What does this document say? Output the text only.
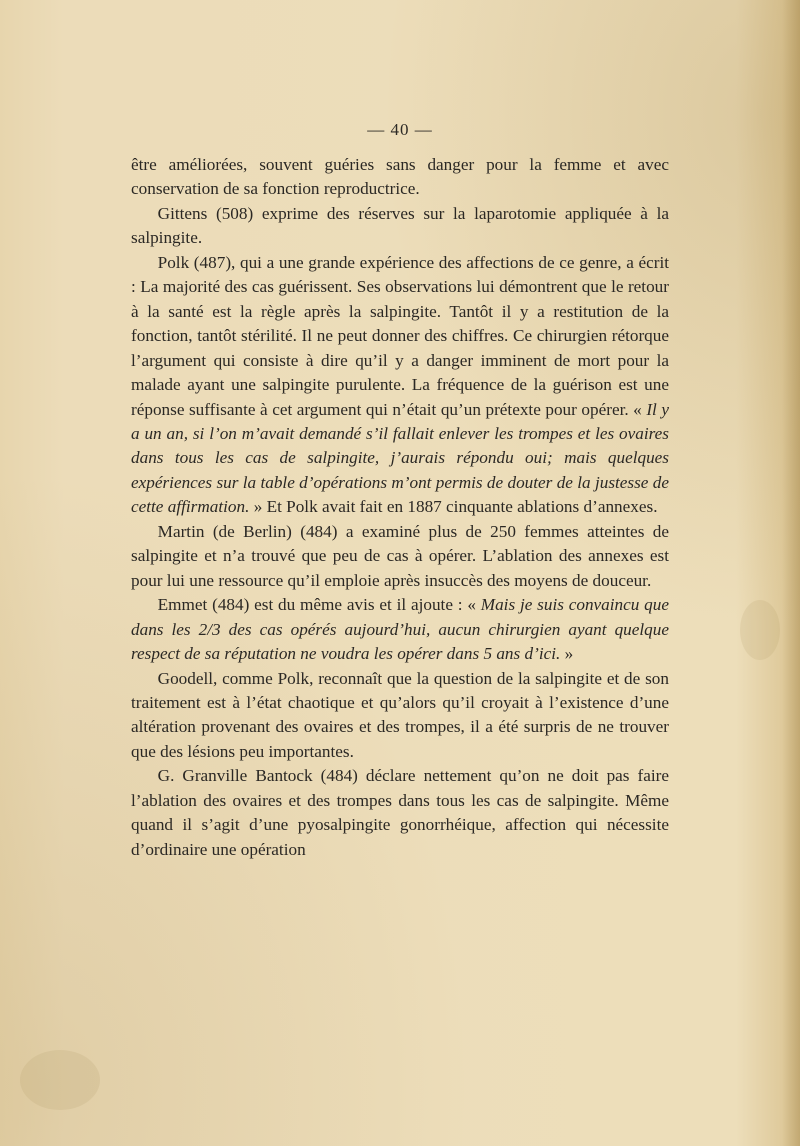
— 40 —

être améliorées, souvent guéries sans danger pour la femme et avec conservation de sa fonction reproductrice.

Gittens (508) exprime des réserves sur la laparotomie appliquée à la salpingite.

Polk (487), qui a une grande expérience des affections de ce genre, a écrit : La majorité des cas guérissent. Ses observations lui démontrent que le retour à la santé est la règle après la salpingite. Tantôt il y a restitution de la fonction, tantôt stérilité. Il ne peut donner des chiffres. Ce chirurgien rétorque l’argument qui consiste à dire qu’il y a danger imminent de mort pour la malade ayant une salpingite purulente. La fréquence de la guérison est une réponse suffisante à cet argument qui n’était qu’un prétexte pour opérer. « Il y a un an, si l’on m’avait demandé s’il fallait enlever les trompes et les ovaires dans tous les cas de salpingite, j’aurais répondu oui; mais quelques expériences sur la table d’opérations m’ont permis de douter de la justesse de cette affirmation. » Et Polk avait fait en 1887 cinquante ablations d’annexes.

Martin (de Berlin) (484) a examiné plus de 250 femmes atteintes de salpingite et n’a trouvé que peu de cas à opérer. L’ablation des annexes est pour lui une ressource qu’il emploie après insuccès des moyens de douceur.

Emmet (484) est du même avis et il ajoute : « Mais je suis convaincu que dans les 2/3 des cas opérés aujourd’hui, aucun chirurgien ayant quelque respect de sa réputation ne voudra les opérer dans 5 ans d’ici. »

Goodell, comme Polk, reconnaît que la question de la salpingite et de son traitement est à l’état chaotique et qu’alors qu’il croyait à l’existence d’une altération provenant des ovaires et des trompes, il a été surpris de ne trouver que des lésions peu importantes.

G. Granville Bantock (484) déclare nettement qu’on ne doit pas faire l’ablation des ovaires et des trompes dans tous les cas de salpingite. Même quand il s’agit d’une pyosalpingite gonorrhéique, affection qui nécessite d’ordinaire une opération
